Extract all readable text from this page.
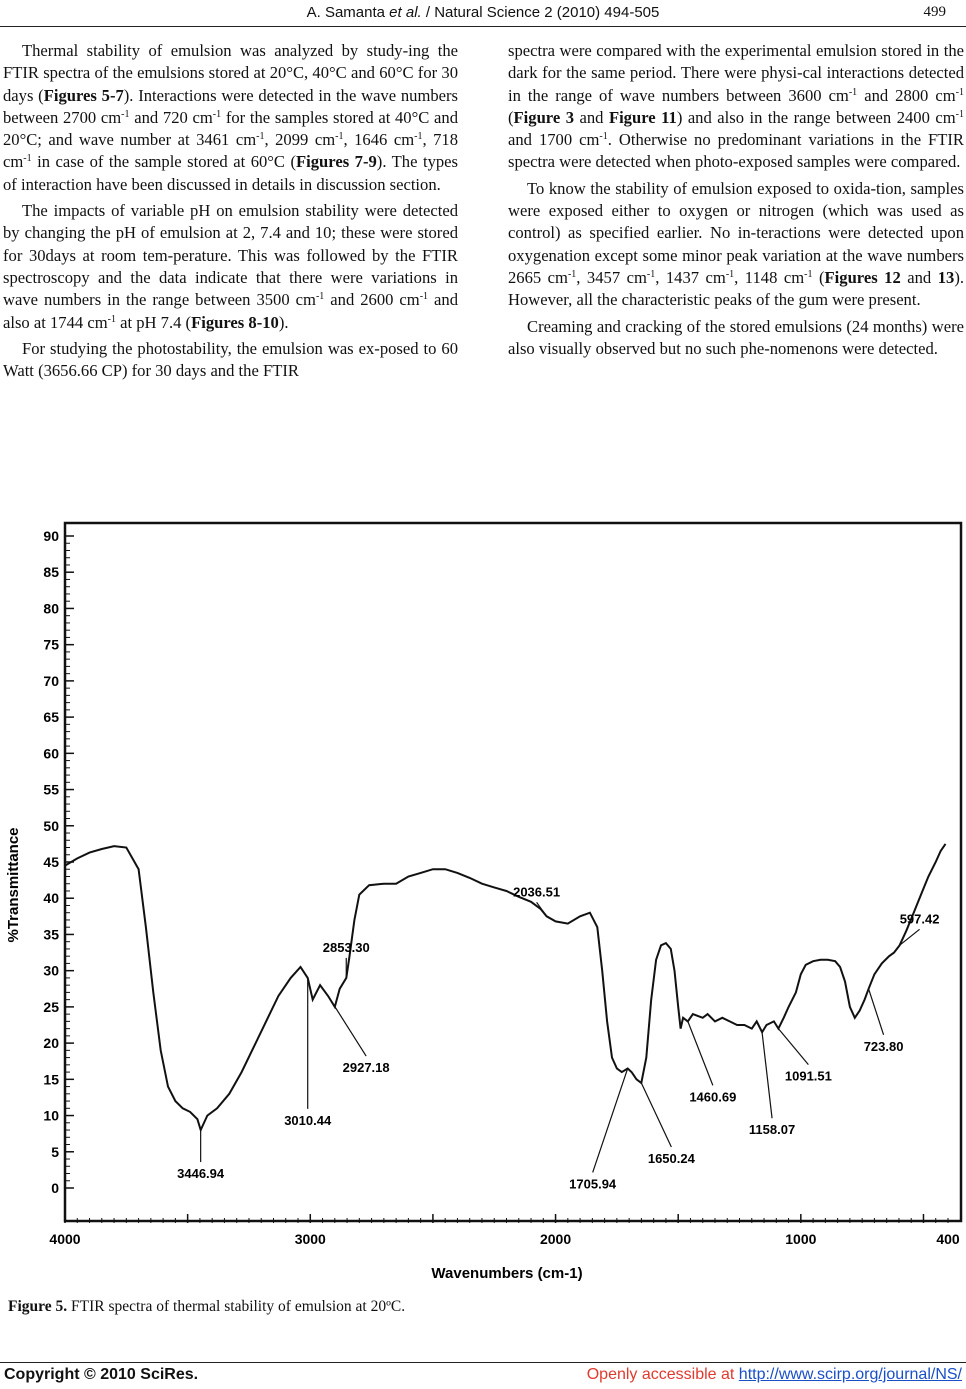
A. Samanta et al. / Natural Science 2 (2010) 494-505	499

Thermal stability of emulsion was analyzed by study-ing the FTIR spectra of the emulsions stored at 20°C, 40°C and 60°C for 30 days (Figures 5-7). Interactions were detected in the wave numbers between 2700 $cm^{-1}$ and 720 $cm^{-1}$ for the samples stored at 40°C and 20°C; and wave number at 3461 $cm^{-1}$, 2099 $cm^{-1}$, 1646 $cm^{-1}$, 718 $cm^{-1}$ in case of the sample stored at 60°C (Figures 7-9). The types of interaction have been discussed in details in discussion section.

The impacts of variable pH on emulsion stability were detected by changing the pH of emulsion at 2, 7.4 and 10; these were stored for 30days at room tem-perature. This was followed by the FTIR spectroscopy and the data indicate that there were variations in wave numbers in the range between 3500 $cm^{-1}$ and 2600 $cm^{-1}$ and also at 1744 $cm^{-1}$ at pH 7.4 (Figures 8-10).

For studying the photostability, the emulsion was ex-posed to 60 Watt (3656.66 CP) for 30 days and the FTIR

spectra were compared with the experimental emulsion stored in the dark for the same period. There were physi-cal interactions detected in the range of wave numbers between 3600 $cm^{-1}$ and 2800 $cm^{-1}$ (Figure 3 and Figure 11) and also in the range between 2400 $cm^{-1}$ and 1700 $cm^{-1}$. Otherwise no predominant variations in the FTIR spectra were detected when photo-exposed samples were compared.

To know the stability of emulsion exposed to oxida-tion, samples were exposed either to oxygen or nitrogen (which was used as control) as specified earlier. No in-teractions were detected upon oxygenation except some minor peak variation at the wave numbers 2665 $cm^{-1}$, 3457 $cm^{-1}$, 1437 $cm^{-1}$, 1148 $cm^{-1}$ (Figures 12 and 13). However, all the characteristic peaks of the gum were present.

Creaming and cracking of the stored emulsions (24 months) were also visually observed but no such phe-nomenons were detected.

0
5
10
15
20
25
30
35
40
45
50
55
60
65
70
75
80
85
90
4000	3000	2000	1000	400
3446.94
3010.44
2927.18
2853.30
2036.51
1705.94
1650.24
1460.69
1158.07
1091.51
723.80
597.42
%Transmittance
Wavenumbers (cm-1)
Figure 5. FTIR spectra of thermal stability of emulsion at 20ºC.
Copyright © 2010 SciRes.	Openly accessible at http://www.scirp.org/journal/NS/
